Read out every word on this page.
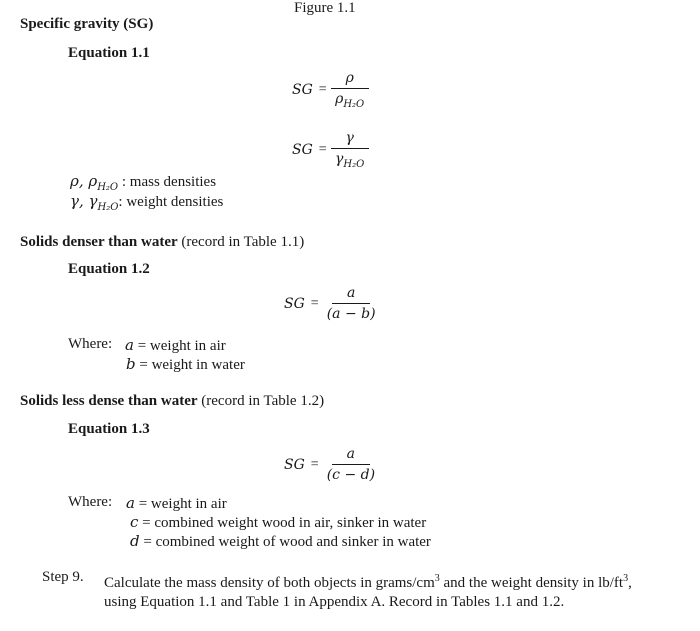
Figure 1.1
Specific gravity (SG)
Equation 1.1
SG = $\frac{\rho}{\rho_{H_2O}}$
SG = $\frac{\gamma}{\gamma_{H_2O}}$
ρ, $\rho_{H_2O}$ : mass densities
γ, $\gamma_{H_2O}$: weight densities
Solids denser than water (record in Table 1.1)
Equation 1.2
SG = $\frac{a}{(a - b)}$
Where: a = weight in air
b = weight in water
Solids less dense than water (record in Table 1.2)
Equation 1.3
SG = $\frac{a}{(c - d)}$
Where: a = weight in air
c = combined weight wood in air, sinker in water
d = combined weight of wood and sinker in water
Step 9. Calculate the mass density of both objects in grams/$cm^3$ and the weight density in $lb/ft^3$, using Equation 1.1 and Table 1 in Appendix A. Record in Tables 1.1 and 1.2.
